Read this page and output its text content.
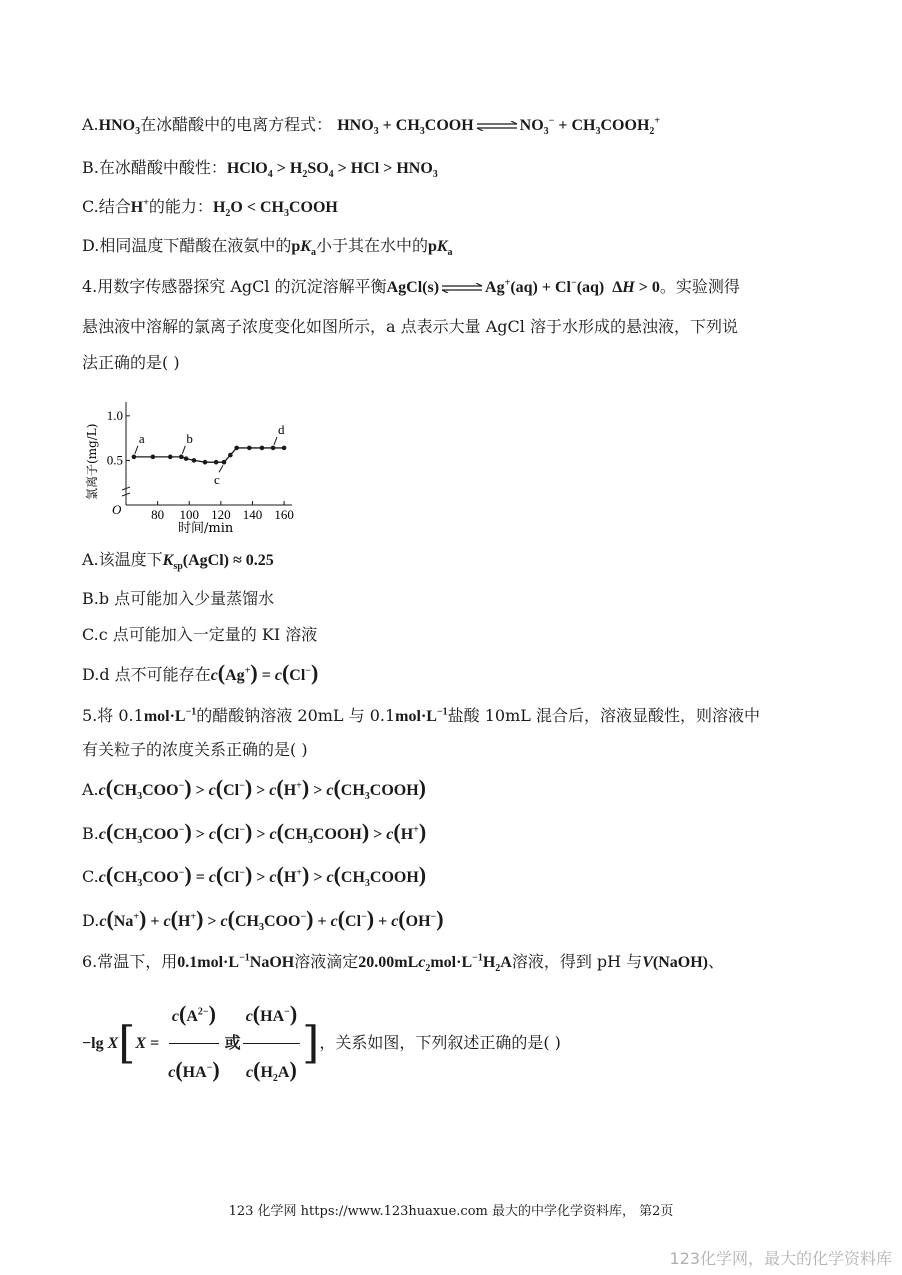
$A.HNO_3$在冰醋酸中的电离方程式： $HNO_3$ + $CH_3COOH\rightleftharpoons NO_3^-$ + $CH_3COOH_2^+$
B.在冰醋酸中酸性：HClO$_4$ > $H_2SO_4$ > HCl > $HNO_3$
C.结合H+的能力：$H_2O$ < $CH_3COOH$
D.相同温度下醋酸在液氨中的$pK_a$小于其在水中的$pK_a$
4.用数字传感器探究 AgCl 的沉淀溶解平衡AgCl(s)⇌Ag+(aq) + Cl−(aq)  ΔH > 0。实验测得
悬浊液中溶解的氯离子浓度变化如图所示，a 点表示大量 AgCl 溶于水形成的悬浊液，下列说
法正确的是( )
O
氯离子(mg/L)
时间/min
80 100 120 140 160
0.5
1.0
a	b
c
d
A.该温度下$K_{sp}(AgCl) \approx 0.25$
B.b 点可能加入少量蒸馏水
C.c 点可能加入一定量的 KI 溶液
D.d 点不可能存在c(Ag+) = c(Cl−)
5.将 $0.1mol\cdot L^{-1}$的醋酸钠溶液 20mL 与 $0.1mol\cdot L^{-1}$盐酸 10mL 混合后，溶液显酸性，则溶液中
有关粒子的浓度关系正确的是( )
$A.c(CH_3COO^-) > c(Cl^-) > c(H^+)$ > $c(CH_3COOH)$
$B.c(CH_3COO^-) > c(Cl^-)$ > $c(CH_3COOH) > c(H^+)$
$C.c(CH_3COO^-) = c(Cl^-) > c(H^+)$ > $c(CH_3COOH)$
$D.c(Na^+) + c(H^+) > c(CH_3COO^-) + c(Cl^-) + c(OH^-)$
6.常温下，用$0.1mol\cdot L^{-1}NaOH$溶液滴定$20.00mLc_2mol\cdot L^{-1}H_2A$溶液，得到 pH 与V(NaOH)、
−lg $X[X = \frac{c(A^{2-})}{c(HA^-)}$ 或 $\frac{c(HA^-)}{c(H_2A)}$ ]，关系如图，下列叙述正确的是( )
123 化学网 https://www.123huaxue.com 最大的中学化学资料库， 第2页
123化学网，最大的化学资料库
